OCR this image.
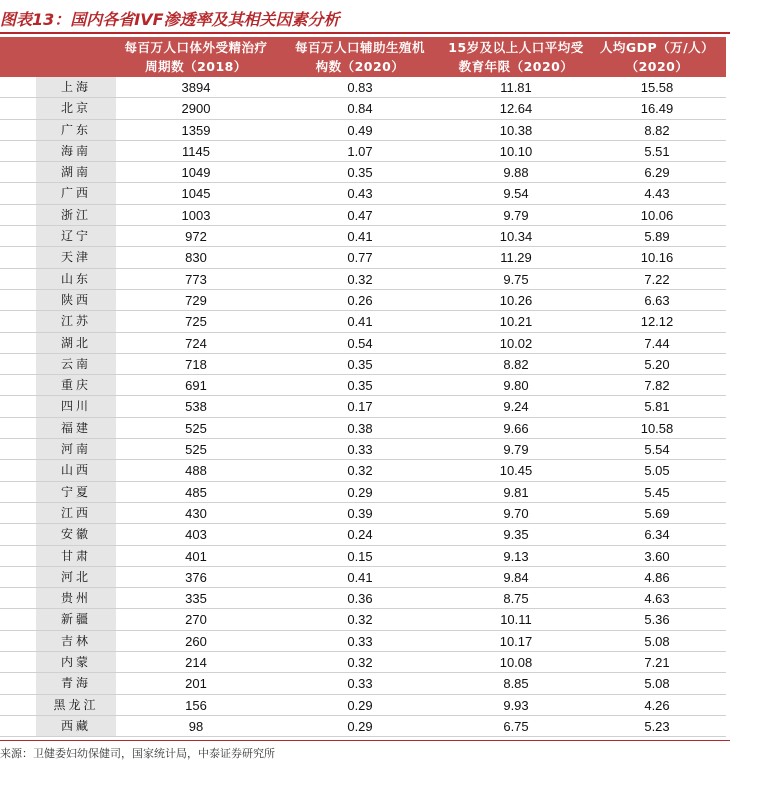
图表13：国内各省IVF渗透率及其相关因素分析
每百万人口体外受精治疗
周期数（2018）
每百万人口辅助生殖机
构数（2020）
15岁及以上人口平均受
教育年限（2020）
人均GDP（万/人）
（2020）
上海	3894	0.83	11.81	15.58
北京	2900	0.84	12.64	16.49
广东	1359	0.49	10.38	8.82
海南	1145	1.07	10.10	5.51
湖南	1049	0.35	9.88	6.29
广西	1045	0.43	9.54	4.43
浙江	1003	0.47	9.79	10.06
辽宁	972	0.41	10.34	5.89
天津	830	0.77	11.29	10.16
山东	773	0.32	9.75	7.22
陕西	729	0.26	10.26	6.63
江苏	725	0.41	10.21	12.12
湖北	724	0.54	10.02	7.44
云南	718	0.35	8.82	5.20
重庆	691	0.35	9.80	7.82
四川	538	0.17	9.24	5.81
福建	525	0.38	9.66	10.58
河南	525	0.33	9.79	5.54
山西	488	0.32	10.45	5.05
宁夏	485	0.29	9.81	5.45
江西	430	0.39	9.70	5.69
安徽	403	0.24	9.35	6.34
甘肃	401	0.15	9.13	3.60
河北	376	0.41	9.84	4.86
贵州	335	0.36	8.75	4.63
新疆	270	0.32	10.11	5.36
吉林	260	0.33	10.17	5.08
内蒙	214	0.32	10.08	7.21
青海	201	0.33	8.85	5.08
黑龙江	156	0.29	9.93	4.26
西藏	98	0.29	6.75	5.23
来源：卫健委妇幼保健司，国家统计局，中泰证券研究所
